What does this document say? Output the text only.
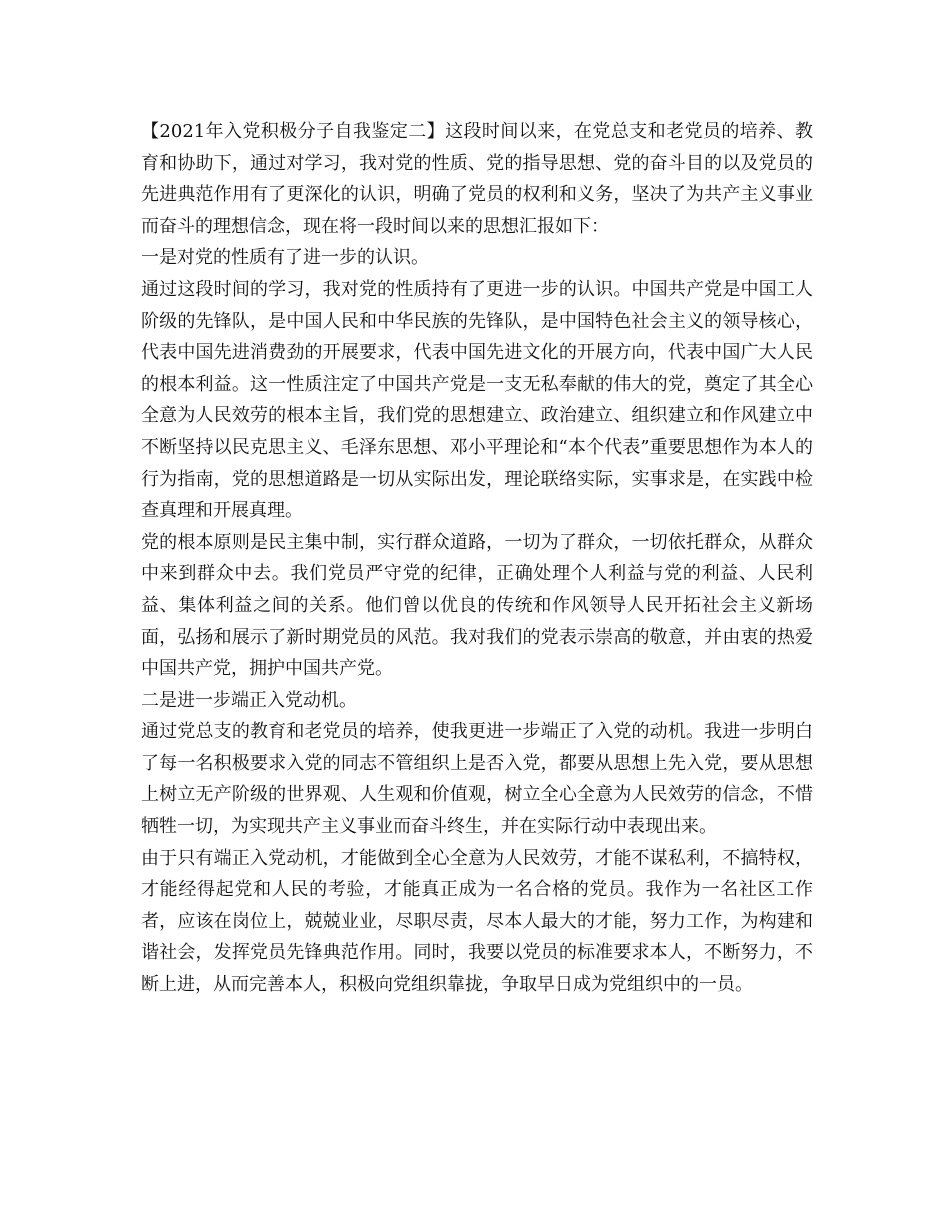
【2021年入党积极分子自我鉴定二】这段时间以来，在党总支和老党员的培养、教育和协助下，通过对学习，我对党的性质、党的指导思想、党的奋斗目的以及党员的先进典范作用有了更深化的认识，明确了党员的权利和义务，坚决了为共产主义事业而奋斗的理想信念，现在将一段时间以来的思想汇报如下：

一是对党的性质有了进一步的认识。

通过这段时间的学习，我对党的性质持有了更进一步的认识。中国共产党是中国工人阶级的先锋队，是中国人民和中华民族的先锋队，是中国特色社会主义的领导核心，代表中国先进消费劲的开展要求，代表中国先进文化的开展方向，代表中国广大人民的根本利益。这一性质注定了中国共产党是一支无私奉献的伟大的党，奠定了其全心全意为人民效劳的根本主旨，我们党的思想建立、政治建立、组织建立和作风建立中不断坚持以民克思主义、毛泽东思想、邓小平理论和“本个代表”重要思想作为本人的行为指南，党的思想道路是一切从实际出发，理论联络实际，实事求是，在实践中检查真理和开展真理。

党的根本原则是民主集中制，实行群众道路，一切为了群众，一切依托群众，从群众中来到群众中去。我们党员严守党的纪律，正确处理个人利益与党的利益、人民利益、集体利益之间的关系。他们曾以优良的传统和作风领导人民开拓社会主义新场面，弘扬和展示了新时期党员的风范。我对我们的党表示崇高的敬意，并由衷的热爱中国共产党，拥护中国共产党。

二是进一步端正入党动机。

通过党总支的教育和老党员的培养，使我更进一步端正了入党的动机。我进一步明白了每一名积极要求入党的同志不管组织上是否入党，都要从思想上先入党，要从思想上树立无产阶级的世界观、人生观和价值观，树立全心全意为人民效劳的信念，不惜牺牲一切，为实现共产主义事业而奋斗终生，并在实际行动中表现出来。

由于只有端正入党动机，才能做到全心全意为人民效劳，才能不谋私利，不搞特权，才能经得起党和人民的考验，才能真正成为一名合格的党员。我作为一名社区工作者，应该在岗位上，兢兢业业，尽职尽责，尽本人最大的才能，努力工作，为构建和谐社会，发挥党员先锋典范作用。同时，我要以党员的标准要求本人，不断努力，不断上进，从而完善本人，积极向党组织靠拢，争取早日成为党组织中的一员。
